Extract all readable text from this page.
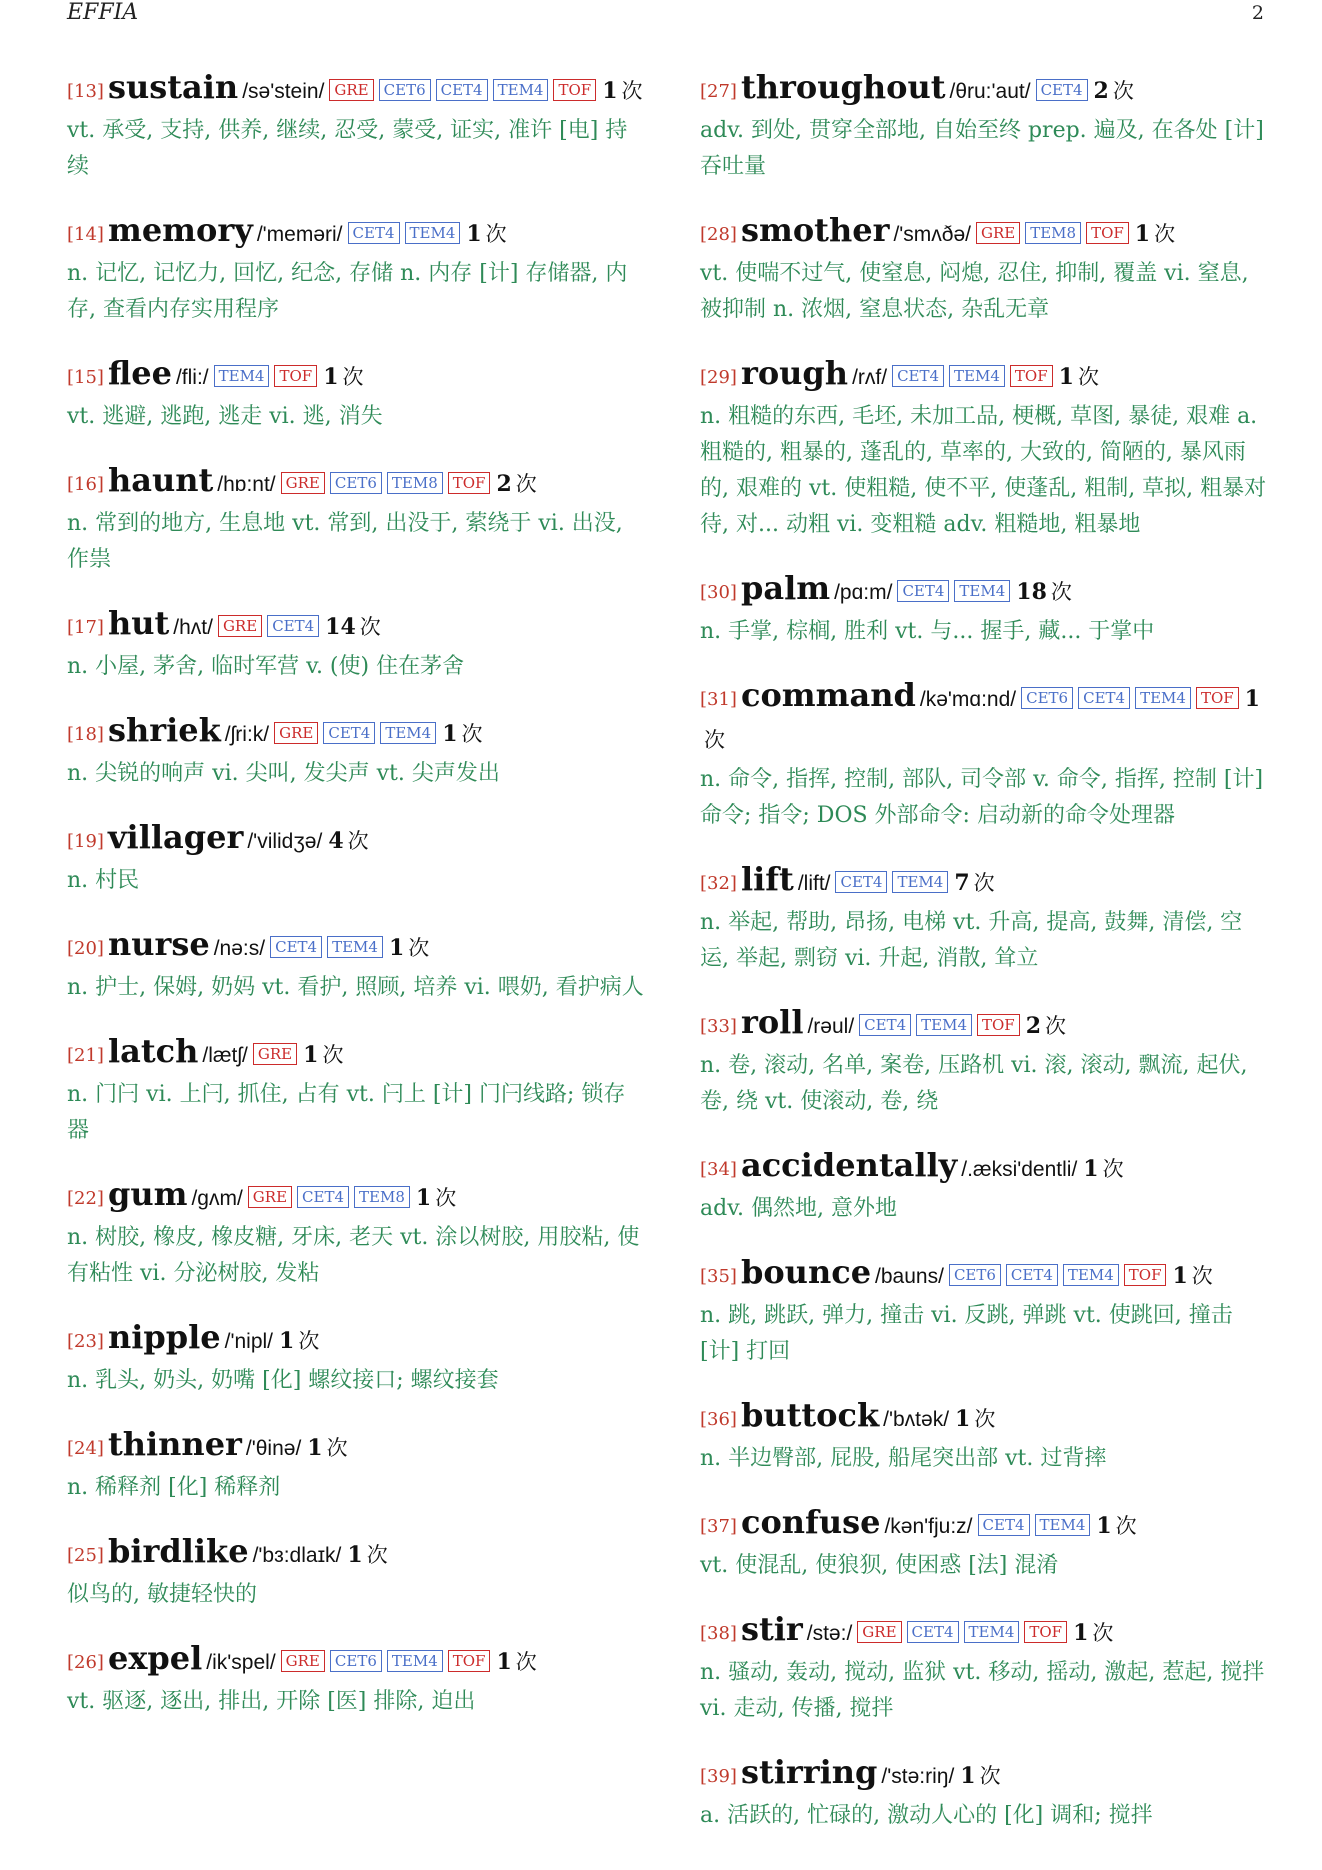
EFFIA	2
[13] sustain /sə'stein/ GRE CET6 CET4 TEM4 TOF 1 次
vt. 承受, 支持, 供养, 继续, 忍受, 蒙受, 证实, 准许 [电] 持续
[14] memory /'meməri/ CET4 TEM4 1 次
n. 记忆, 记忆力, 回忆, 纪念, 存储 n. 内存 [计] 存储器, 内存, 查看内存实用程序
[15] flee /fli:/ TEM4 TOF 1 次
vt. 逃避, 逃跑, 逃走 vi. 逃, 消失
[16] haunt /hɒ:nt/ GRE CET6 TEM8 TOF 2 次
n. 常到的地方, 生息地 vt. 常到, 出没于, 萦绕于 vi. 出没, 作祟
[17] hut /hʌt/ GRE CET4 14 次
n. 小屋, 茅舍, 临时军营 v. (使) 住在茅舍
[18] shriek /ʃri:k/ GRE CET4 TEM4 1 次
n. 尖锐的响声 vi. 尖叫, 发尖声 vt. 尖声发出
[19] villager /'vilidʒə/ 4 次
n. 村民
[20] nurse /nə:s/ CET4 TEM4 1 次
n. 护士, 保姆, 奶妈 vt. 看护, 照顾, 培养 vi. 喂奶, 看护病人
[21] latch /lætʃ/ GRE 1 次
n. 门闩 vi. 上闩, 抓住, 占有 vt. 闩上 [计] 门闩线路; 锁存器
[22] gum /gʌm/ GRE CET4 TEM8 1 次
n. 树胶, 橡皮, 橡皮糖, 牙床, 老天 vt. 涂以树胶, 用胶粘, 使有粘性 vi. 分泌树胶, 发粘
[23] nipple /'nipl/ 1 次
n. 乳头, 奶头, 奶嘴 [化] 螺纹接口; 螺纹接套
[24] thinner /'θinə/ 1 次
n. 稀释剂 [化] 稀释剂
[25] birdlike /'bɜ:dlaɪk/ 1 次
似鸟的, 敏捷轻快的
[26] expel /ik'spel/ GRE CET6 TEM4 TOF 1 次
vt. 驱逐, 逐出, 排出, 开除 [医] 排除, 迫出
[27] throughout /θru:'aut/ CET4 2 次
adv. 到处, 贯穿全部地, 自始至终 prep. 遍及, 在各处 [计] 吞吐量
[28] smother /'smʌðə/ GRE TEM8 TOF 1 次
vt. 使喘不过气, 使窒息, 闷熄, 忍住, 抑制, 覆盖 vi. 窒息, 被抑制 n. 浓烟, 窒息状态, 杂乱无章
[29] rough /rʌf/ CET4 TEM4 TOF 1 次
n. 粗糙的东西, 毛坯, 未加工品, 梗概, 草图, 暴徒, 艰难 a. 粗糙的, 粗暴的, 蓬乱的, 草率的, 大致的, 简陋的, 暴风雨的, 艰难的 vt. 使粗糙, 使不平, 使蓬乱, 粗制, 草拟, 粗暴对待, 对... 动粗 vi. 变粗糙 adv. 粗糙地, 粗暴地
[30] palm /pɑ:m/ CET4 TEM4 18 次
n. 手掌, 棕榈, 胜利 vt. 与... 握手, 藏... 于掌中
[31] command /kə'mɑ:nd/ CET6 CET4 TEM4 TOF 1次
n. 命令, 指挥, 控制, 部队, 司令部 v. 命令, 指挥, 控制 [计] 命令; 指令; DOS 外部命令: 启动新的命令处理器
[32] lift /lift/ CET4 TEM4 7 次
n. 举起, 帮助, 昂扬, 电梯 vt. 升高, 提高, 鼓舞, 清偿, 空运, 举起, 剽窃 vi. 升起, 消散, 耸立
[33] roll /rəul/ CET4 TEM4 TOF 2 次
n. 卷, 滚动, 名单, 案卷, 压路机 vi. 滚, 滚动, 飘流, 起伏, 卷, 绕 vt. 使滚动, 卷, 绕
[34] accidentally /.æksi'dentli/ 1 次
adv. 偶然地, 意外地
[35] bounce /bauns/ CET6 CET4 TEM4 TOF 1 次
n. 跳, 跳跃, 弹力, 撞击 vi. 反跳, 弹跳 vt. 使跳回, 撞击 [计] 打回
[36] buttock /'bʌtək/ 1 次
n. 半边臀部, 屁股, 船尾突出部 vt. 过背摔
[37] confuse /kən'fju:z/ CET4 TEM4 1 次
vt. 使混乱, 使狼狈, 使困惑 [法] 混淆
[38] stir /stə:/ GRE CET4 TEM4 TOF 1 次
n. 骚动, 轰动, 搅动, 监狱 vt. 移动, 摇动, 激起, 惹起, 搅拌 vi. 走动, 传播, 搅拌
[39] stirring /'stə:riŋ/ 1 次
a. 活跃的, 忙碌的, 激动人心的 [化] 调和; 搅拌
